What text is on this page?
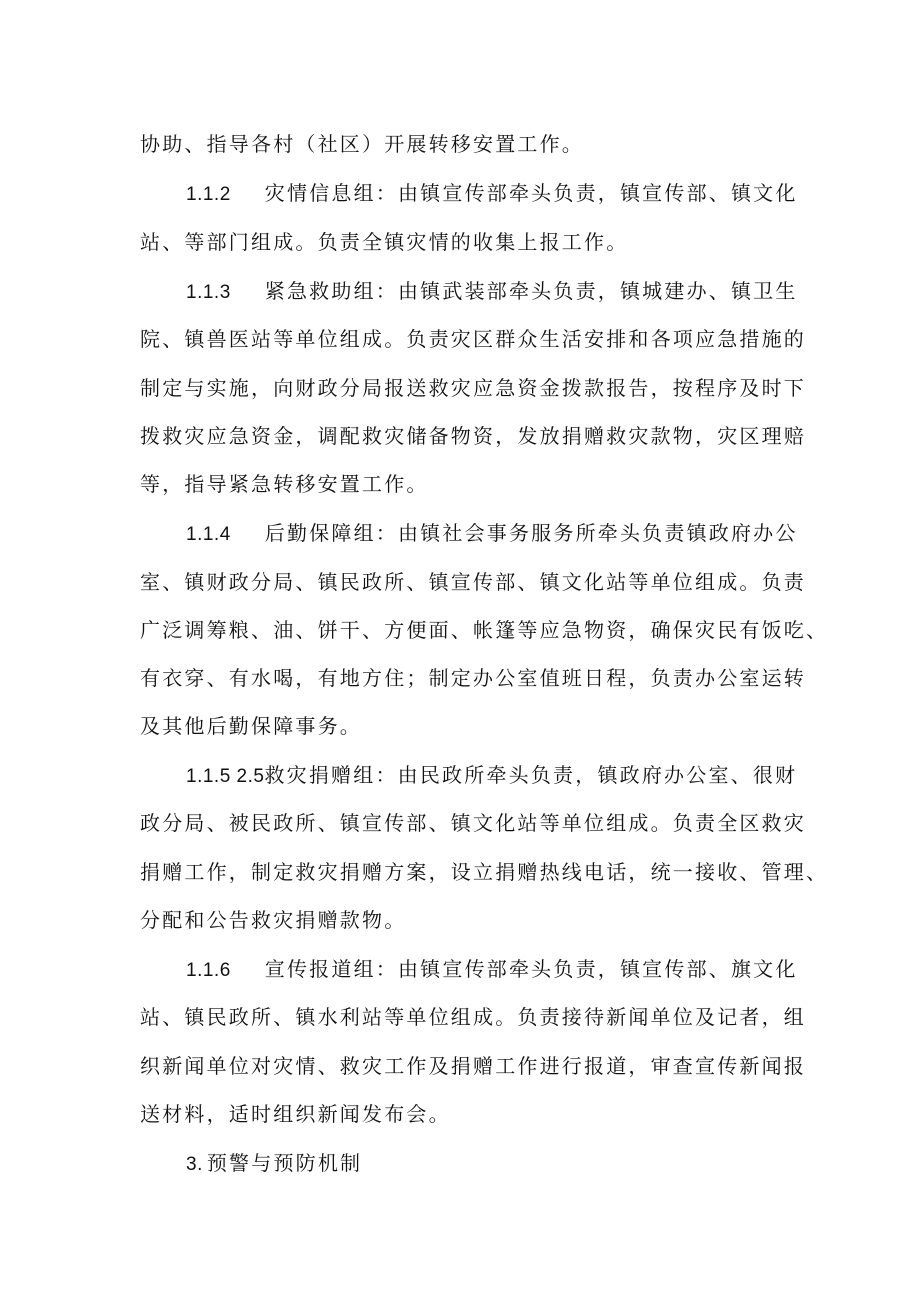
协助、指导各村（社区）开展转移安置工作。
1.1.2 灾情信息组：由镇宣传部牵头负责，镇宣传部、镇文化
站、等部门组成。负责全镇灾情的收集上报工作。
1.1.3 紧急救助组：由镇武装部牵头负责，镇城建办、镇卫生
院、镇兽医站等单位组成。负责灾区群众生活安排和各项应急措施的
制定与实施，向财政分局报送救灾应急资金拨款报告，按程序及时下
拨救灾应急资金，调配救灾储备物资，发放捐赠救灾款物，灾区理赔
等，指导紧急转移安置工作。
1.1.4 后勤保障组：由镇社会事务服务所牵头负责镇政府办公
室、镇财政分局、镇民政所、镇宣传部、镇文化站等单位组成。负责
广泛调筹粮、油、饼干、方便面、帐篷等应急物资，确保灾民有饭吃、
有衣穿、有水喝，有地方住；制定办公室值班日程，负责办公室运转
及其他后勤保障事务。
1.1.5 2.5救灾捐赠组：由民政所牵头负责，镇政府办公室、很财
政分局、被民政所、镇宣传部、镇文化站等单位组成。负责全区救灾
捐赠工作，制定救灾捐赠方案，设立捐赠热线电话，统一接收、管理、
分配和公告救灾捐赠款物。
1.1.6 宣传报道组：由镇宣传部牵头负责，镇宣传部、旗文化
站、镇民政所、镇水利站等单位组成。负责接待新闻单位及记者，组
织新闻单位对灾情、救灾工作及捐赠工作进行报道，审查宣传新闻报
送材料，适时组织新闻发布会。
3. 预警与预防机制
